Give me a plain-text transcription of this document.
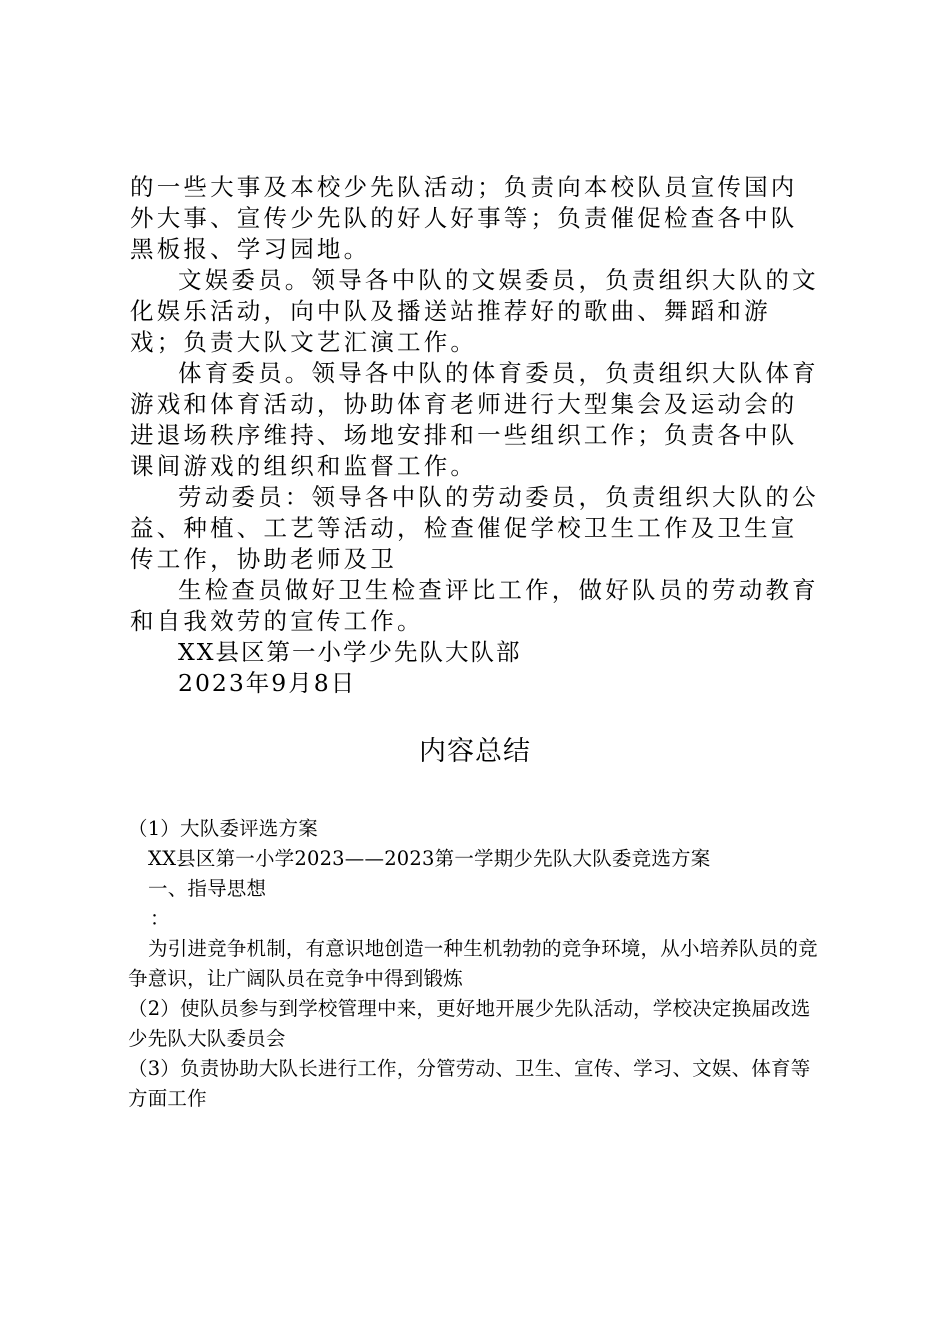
的一些大事及本校少先队活动；负责向本校队员宣传国内外大事、宣传少先队的好人好事等；负责催促检查各中队黑板报、学习园地。

文娱委员。领导各中队的文娱委员，负责组织大队的文化娱乐活动，向中队及播送站推荐好的歌曲、舞蹈和游戏；负责大队文艺汇演工作。

体育委员。领导各中队的体育委员，负责组织大队体育游戏和体育活动，协助体育老师进行大型集会及运动会的进退场秩序维持、场地安排和一些组织工作；负责各中队课间游戏的组织和监督工作。

劳动委员：领导各中队的劳动委员，负责组织大队的公益、种植、工艺等活动，检查催促学校卫生工作及卫生宣传工作，协助老师及卫

生检查员做好卫生检查评比工作，做好队员的劳动教育和自我效劳的宣传工作。

XX县区第一小学少先队大队部

2023年9月8日

内容总结

（1）大队委评选方案

XX县区第一小学2023——2023第一学期少先队大队委竞选方案

一、指导思想

：

为引进竞争机制，有意识地创造一种生机勃勃的竞争环境，从小培养队员的竞争意识，让广阔队员在竞争中得到锻炼

（2）使队员参与到学校管理中来，更好地开展少先队活动，学校决定换届改选少先队大队委员会

（3）负责协助大队长进行工作，分管劳动、卫生、宣传、学习、文娱、体育等方面工作
